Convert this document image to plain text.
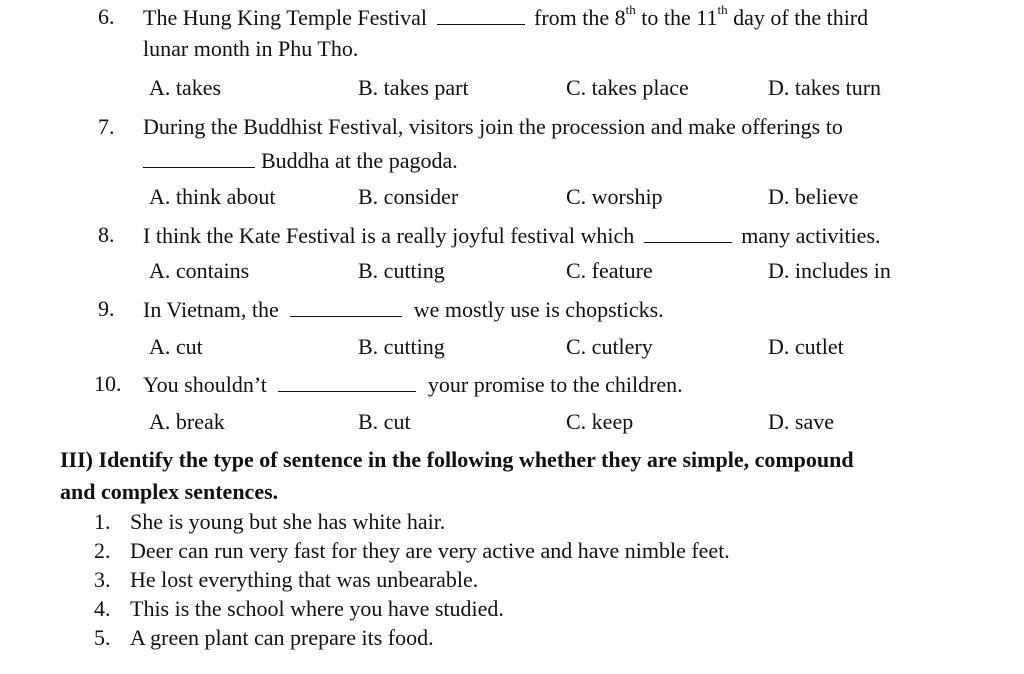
6. The Hung King Temple Festival	from the 8th to the 11th day of the third
lunar month in Phu Tho.
A. takes	B. takes part	C. takes place	D. takes turn
7. During the Buddhist Festival, visitors join the procession and make offerings to
Buddha at the pagoda.
A. think about	B. consider	C. worship	D. believe
8. I think the Kate Festival is a really joyful festival which	many activities.
A. contains	B. cutting	C. feature	D. includes in
9. In Vietnam, the	we mostly use is chopsticks.
A. cut	B. cutting	C. cutlery	D. cutlet
10. You shouldn’t	your promise to the children.
A. break	B. cut	C. keep	D. save
III) Identify the type of sentence in the following whether they are simple, compound
and complex sentences.
1. She is young but she has white hair.
2. Deer can run very fast for they are very active and have nimble feet.
3. He lost everything that was unbearable.
4. This is the school where you have studied.
5. A green plant can prepare its food.
